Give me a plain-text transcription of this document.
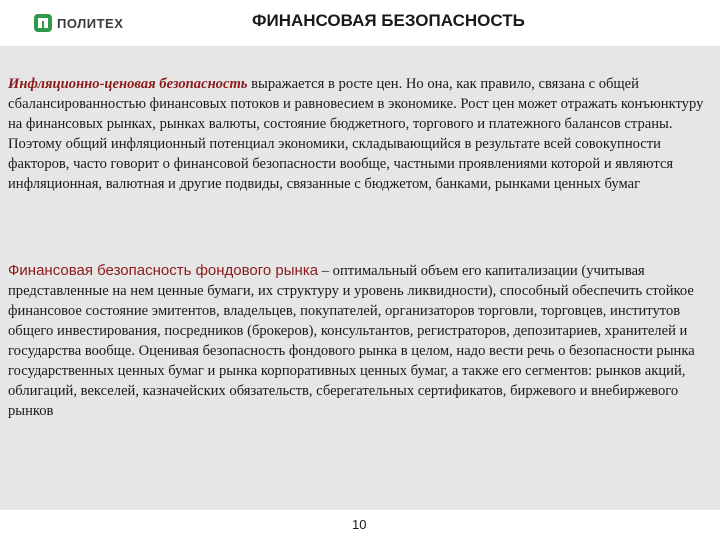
ПОЛИТЕХ	ФИНАНСОВАЯ БЕЗОПАСНОСТЬ

Инфляционно-ценовая безопасность выражается в росте цен. Но она, как правило, связана с общей сбалансированностью финансовых потоков и равновесием в экономике. Рост цен может отражать конъюнктуру на финансовых рынках, рынках валюты, состояние бюджетного, торгового и платежного балансов страны. Поэтому общий инфляционный потенциал экономики, складывающийся в результате всей совокупности факторов, часто говорит о финансовой безопасности вообще, частными проявлениями которой и являются инфляционная, валютная и другие подвиды, связанные с бюджетом, банками, рынками ценных бумаг

Финансовая безопасность фондового рынка – оптимальный объем его капитализации (учитывая представленные на нем ценные бумаги, их структуру и уровень ликвидности), способный обеспечить стойкое финансовое состояние эмитентов, владельцев, покупателей, организаторов торговли, торговцев, институтов общего инвестирования, посредников (брокеров), консультантов, регистраторов, депозитариев, хранителей и государства вообще. Оценивая безопасность фондового рынка в целом, надо вести речь о безопасности рынка государственных ценных бумаг и рынка корпоративных ценных бумаг, а также его сегментов: рынков акций, облигаций, векселей, казначейских обязательств, сберегательных сертификатов, биржевого и внебиржевого рынков

10
